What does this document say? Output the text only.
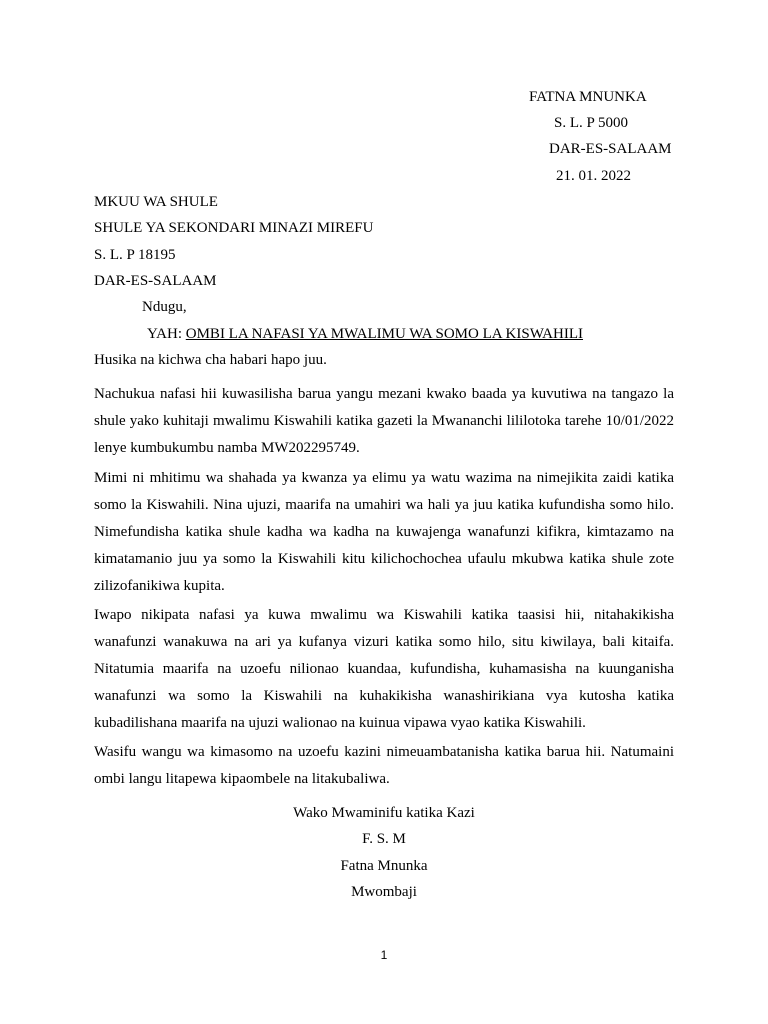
FATNA MNUNKA
S. L. P 5000
DAR-ES-SALAAM
21. 01. 2022
MKUU WA SHULE
SHULE YA SEKONDARI MINAZI MIREFU
S. L. P 18195
DAR-ES-SALAAM
Ndugu,
YAH: OMBI LA NAFASI YA MWALIMU WA SOMO LA KISWAHILI
Husika na kichwa cha habari hapo juu.
Nachukua nafasi hii kuwasilisha barua yangu mezani kwako baada ya kuvutiwa na tangazo la shule yako kuhitaji mwalimu Kiswahili katika gazeti la Mwananchi lililotoka tarehe 10/01/2022 lenye kumbukumbu namba MW202295749.
Mimi ni mhitimu wa shahada ya kwanza ya elimu ya watu wazima na nimejikita zaidi katika somo la Kiswahili. Nina ujuzi, maarifa na umahiri wa hali ya juu katika kufundisha somo hilo. Nimefundisha katika shule kadha wa kadha na kuwajenga wanafunzi kifikra, kimtazamo na kimatamanio juu ya somo la Kiswahili kitu kilichochochea ufaulu mkubwa katika shule zote zilizofanikiwa kupita.
Iwapo nikipata nafasi ya kuwa mwalimu wa Kiswahili katika taasisi hii, nitahakikisha wanafunzi wanakuwa na ari ya kufanya vizuri katika somo hilo, situ kiwilaya, bali kitaifa. Nitatumia maarifa na uzoefu nilionao kuandaa, kufundisha, kuhamasisha na kuunganisha wanafunzi wa somo la Kiswahili na kuhakikisha wanashirikiana vya kutosha katika kubadilishana maarifa na ujuzi walionao na kuinua vipawa vyao katika Kiswahili.
Wasifu wangu wa kimasomo na uzoefu kazini nimeuambatanisha katika barua hii. Natumaini ombi langu litapewa kipaombele na litakubaliwa.
Wako Mwaminifu katika Kazi
F. S. M
Fatna Mnunka
Mwombaji
1
